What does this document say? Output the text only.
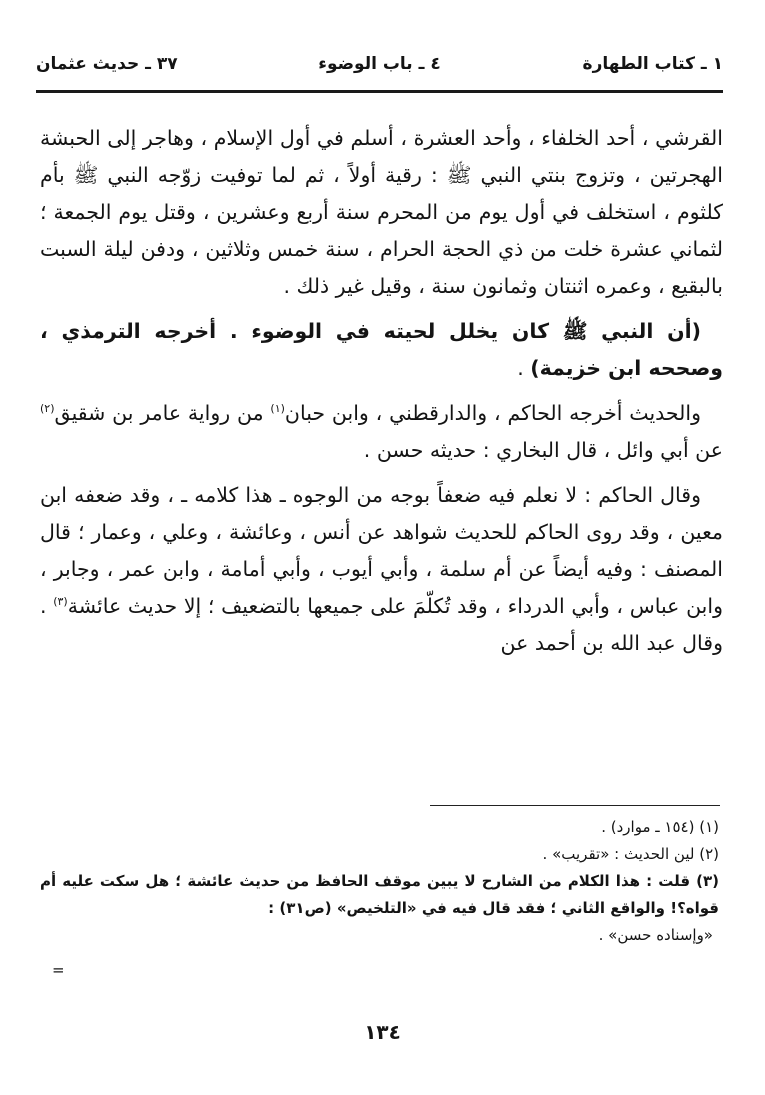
١ ـ كتاب الطهارة
٤ ـ باب الوضوء
٣٧ ـ حديث عثمان

القرشي ، أحد الخلفاء ، وأحد العشرة ، أسلم في أول الإسلام ، وهاجر إلى الحبشة الهجرتين ، وتزوج بنتي النبي ﷺ : رقية أولاً ، ثم لما توفيت زوّجه النبي ﷺ بأم كلثوم ، استخلف في أول يوم من المحرم سنة أربع وعشرين ، وقتل يوم الجمعة ؛ لثماني عشرة خلت من ذي الحجة الحرام ، سنة خمس وثلاثين ، ودفن ليلة السبت بالبقيع ، وعمره اثنتان وثمانون سنة ، وقيل غير ذلك .

(أن النبي ﷺ كان يخلل لحيته في الوضوء . أخرجه الترمذي ، وصححه ابن خزيمة) .

والحديث أخرجه الحاكم ، والدارقطني ، وابن حبان$^{(١)}$ من رواية عامر بن شقيق$^{(٢)}$ عن أبي وائل ، قال البخاري : حديثه حسن .

وقال الحاكم : لا نعلم فيه ضعفاً بوجه من الوجوه ـ هذا كلامه ـ ، وقد ضعفه ابن معين ، وقد روى الحاكم للحديث شواهد عن أنس ، وعائشة ، وعلي ، وعمار ؛ قال المصنف : وفيه أيضاً عن أم سلمة ، وأبي أيوب ، وأبي أمامة ، وابن عمر ، وجابر ، وابن عباس ، وأبي الدرداء ، وقد تُكلّمَ على جميعها بالتضعيف ؛ إلا حديث عائشة$^{(٣)}$ . وقال عبد الله بن أحمد عن

(١) (١٥٤ ـ موارد) .
(٢) لين الحديث : «تقريب» .
(٣) قلت : هذا الكلام من الشارح لا يبين موقف الحافظ من حديث عائشة ؛ هل سكت عليه أم قواه؟! والواقع الثاني ؛ فقد قال فيه في «التلخيص» (ص٣١) :
«وإسناده حسن» .
=
١٣٤
